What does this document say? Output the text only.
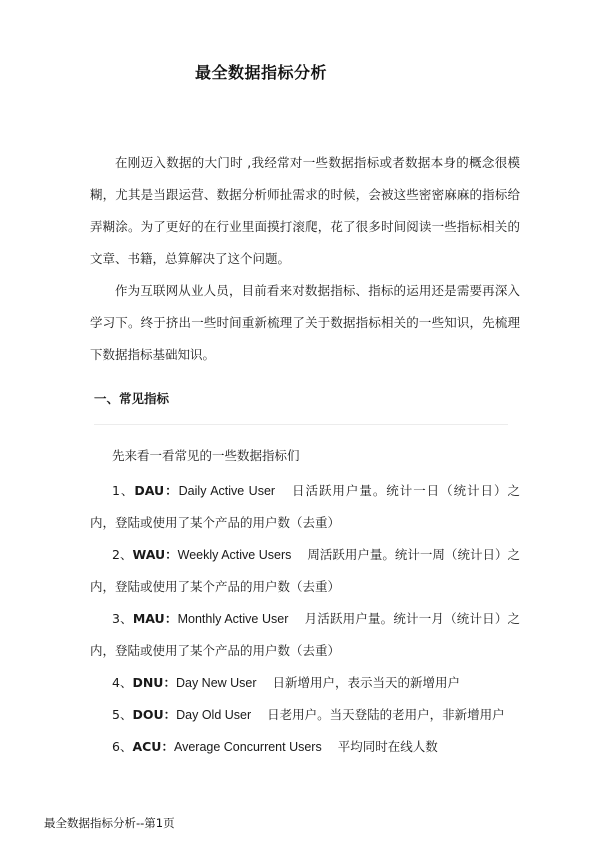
最全数据指标分析

在刚迈入数据的大门时 ,我经常对一些数据指标或者数据本身的概念很模糊，尤其是当跟运营、数据分析师扯需求的时候，会被这些密密麻麻的指标给弄糊涂。为了更好的在行业里面摸打滚爬，花了很多时间阅读一些指标相关的文章、书籍，总算解决了这个问题。

作为互联网从业人员，目前看来对数据指标、指标的运用还是需要再深入学习下。终于挤出一些时间重新梳理了关于数据指标相关的一些知识，先梳理下数据指标基础知识。

一、常见指标
先来看一看常见的一些数据指标们
1、DAU：Daily Active User 日活跃用户量。统计一日（统计日）之内，登陆或使用了某个产品的用户数（去重）
2、WAU：Weekly Active Users 周活跃用户量。统计一周（统计日）之内，登陆或使用了某个产品的用户数（去重）
3、MAU：Monthly Active User 月活跃用户量。统计一月（统计日）之内，登陆或使用了某个产品的用户数（去重）
4、DNU：Day New User 日新增用户，表示当天的新增用户
5、DOU：Day Old User 日老用户。当天登陆的老用户，非新增用户
6、ACU：Average Concurrent Users 平均同时在线人数
最全数据指标分析--第1页
